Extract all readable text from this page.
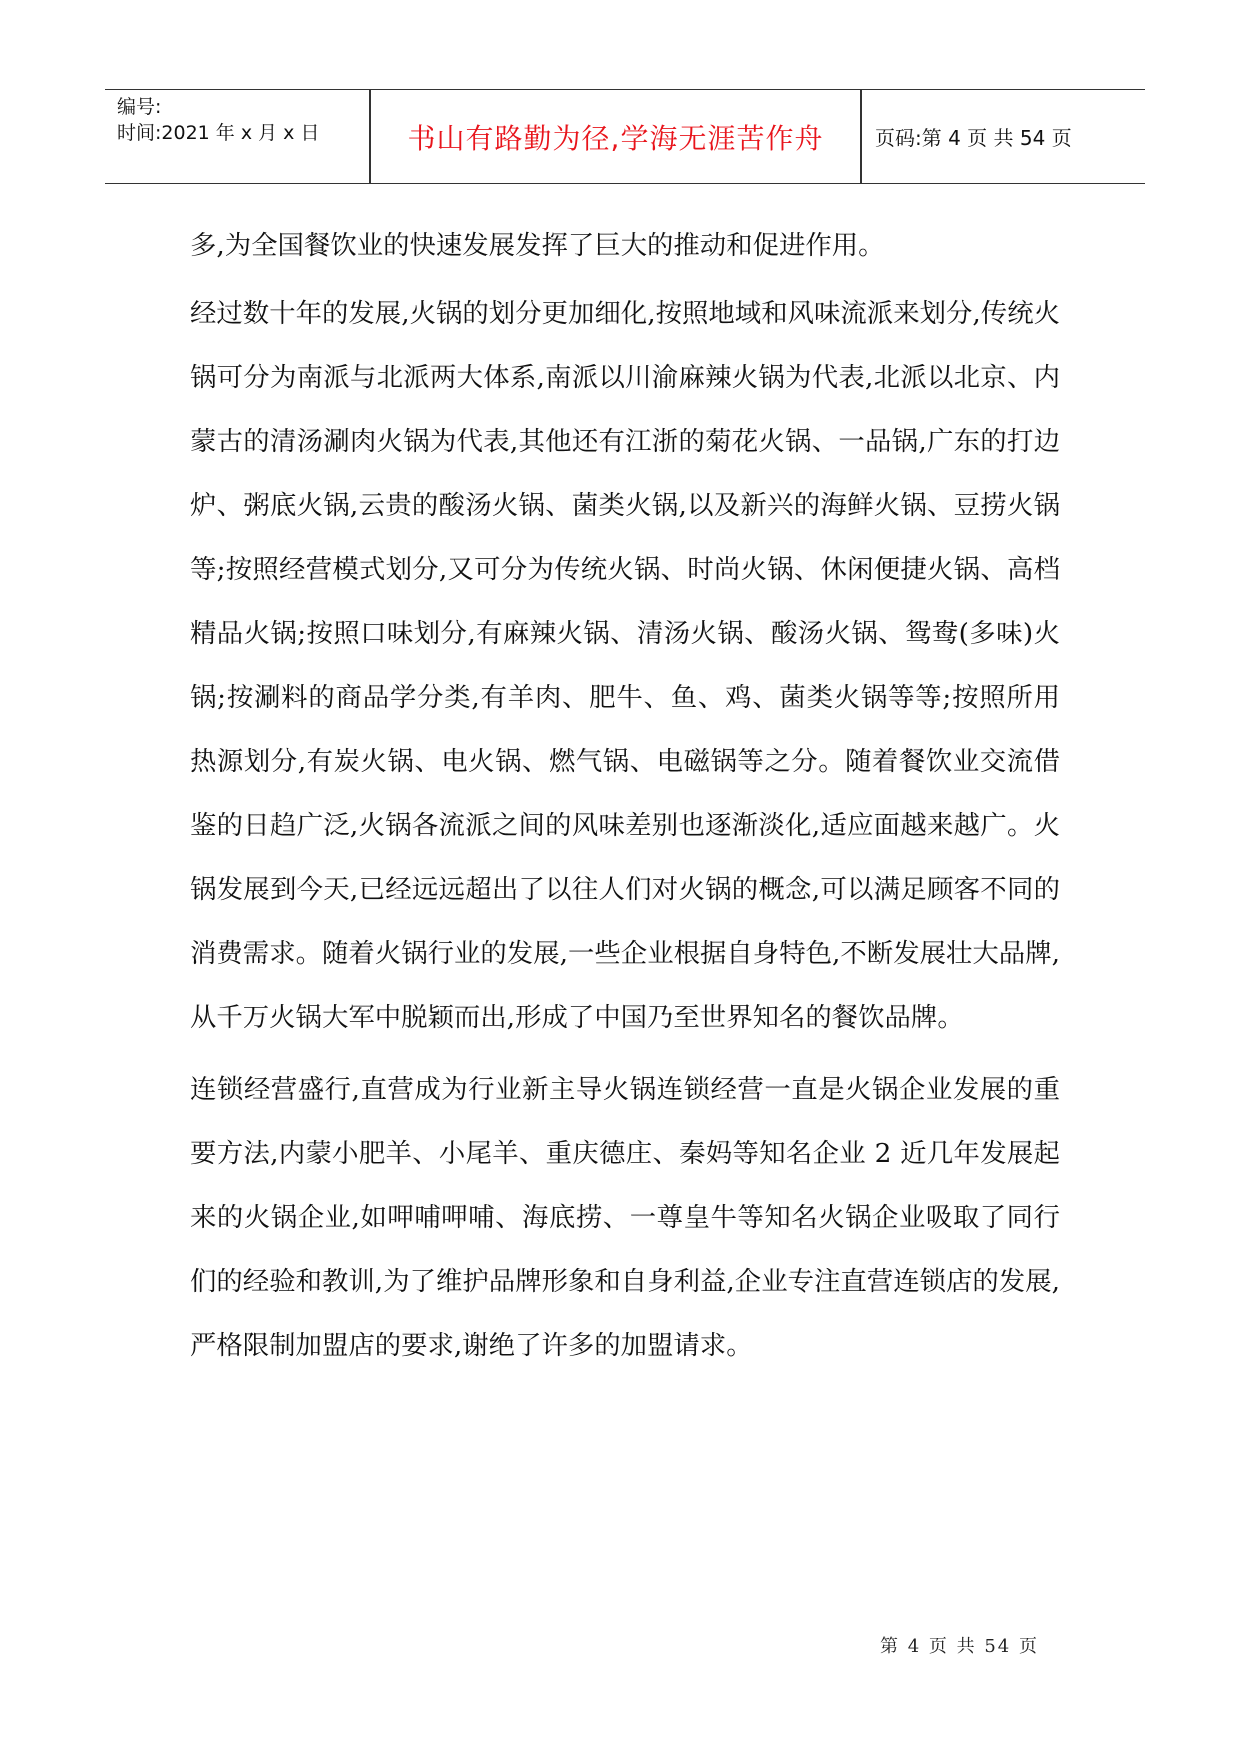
编号:
时间:2021 年 x 月 x 日	书山有路勤为径,学海无涯苦作舟	页码:第 4 页 共 54 页

多,为全国餐饮业的快速发展发挥了巨大的推动和促进作用。

经过数十年的发展,火锅的划分更加细化,按照地域和风味流派来划分,传统火锅可分为南派与北派两大体系,南派以川渝麻辣火锅为代表,北派以北京、内蒙古的清汤涮肉火锅为代表,其他还有江浙的菊花火锅、一品锅,广东的打边炉、粥底火锅,云贵的酸汤火锅、菌类火锅,以及新兴的海鲜火锅、豆捞火锅等;按照经营模式划分,又可分为传统火锅、时尚火锅、休闲便捷火锅、高档精品火锅;按照口味划分,有麻辣火锅、清汤火锅、酸汤火锅、鸳鸯(多味)火锅;按涮料的商品学分类,有羊肉、肥牛、鱼、鸡、菌类火锅等等;按照所用热源划分,有炭火锅、电火锅、燃气锅、电磁锅等之分。随着餐饮业交流借鉴的日趋广泛,火锅各流派之间的风味差别也逐渐淡化,适应面越来越广。火锅发展到今天,已经远远超出了以往人们对火锅的概念,可以满足顾客不同的消费需求。随着火锅行业的发展,一些企业根据自身特色,不断发展壮大品牌,从千万火锅大军中脱颖而出,形成了中国乃至世界知名的餐饮品牌。

连锁经营盛行,直营成为行业新主导火锅连锁经营一直是火锅企业发展的重要方法,内蒙小肥羊、小尾羊、重庆德庄、秦妈等知名企业 2 近几年发展起来的火锅企业,如呷哺呷哺、海底捞、一尊皇牛等知名火锅企业吸取了同行们的经验和教训,为了维护品牌形象和自身利益,企业专注直营连锁店的发展,严格限制加盟店的要求,谢绝了许多的加盟请求。

第 4 页 共 54 页
